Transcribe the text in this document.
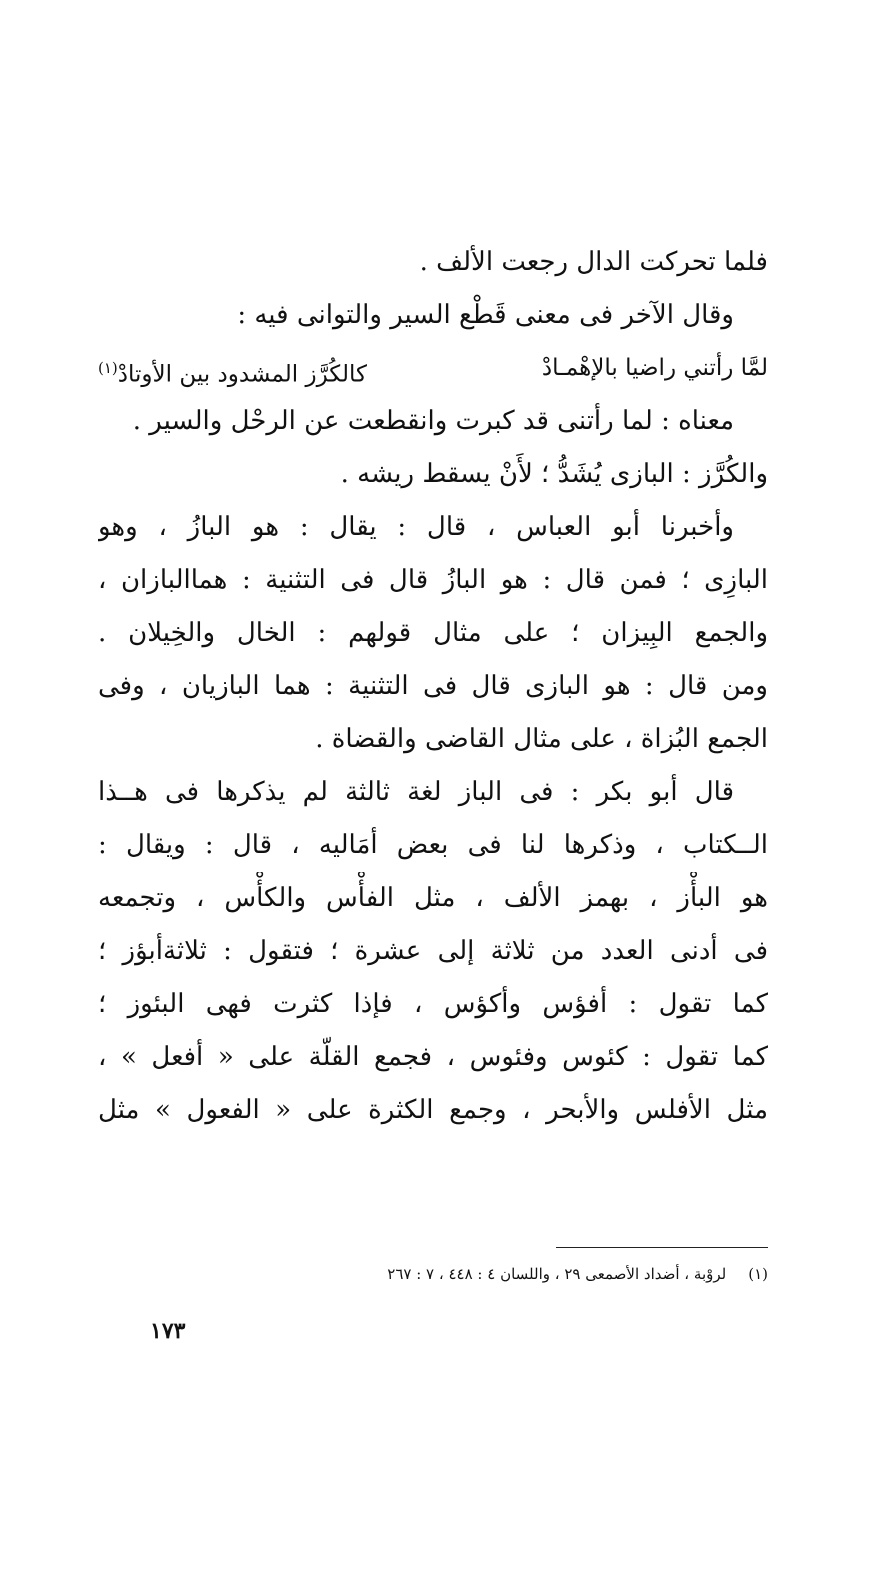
فلما تحركت الدال رجعت الألف .
وقال الآخر فى معنى قَطْع السير والتوانى فيه :
لمَّا رأتني راضيا بالإهْمـادْ
كالكُرَّز المشدود بين الأوتادْ$^{(١)}$
معناه : لما رأتنى قد كبرت وانقطعت عن الرحْل والسير .
والكُرَّز : البازى يُشَدُّ ؛ لأَنْ يسقط ريشه .
وأخبرنا أبو العباس ، قال : يقال : هو البازُ ، وهو
البازِى ؛ فمن قال : هو البازُ قال فى التثنية : هماالبازان ،
والجمع البِيزان ؛ على مثال قولهم : الخال والخِيلان .
ومن قال : هو البازى قال فى التثنية : هما البازيان ، وفى
الجمع البُزاة ، على مثال القاضى والقضاة .
قال أبو بكر : فى الباز لغة ثالثة لم يذكرها فى هــذا
الــكتاب ، وذكرها لنا فى بعض أمَاليه ، قال : ويقال :
هو البأْز ، بهمز الألف ، مثل الفأْس والكأْس ، وتجمعه
فى أدنى العدد من ثلاثة إلى عشرة ؛ فتقول : ثلاثةأبؤز ؛
كما تقول : أفؤس وأكؤس ، فإذا كثرت فهى البئوز ؛
كما تقول : كئوس وفئوس ، فجمع القلّة على « أفعل » ،
مثل الأفلس والأبحر ، وجمع الكثرة على « الفعول » مثل
(١)لروْبة ، أضداد الأصمعى ٢٩ ، واللسان ٤ : ٤٤٨ ، ٧ : ٢٦٧
١٧٣
